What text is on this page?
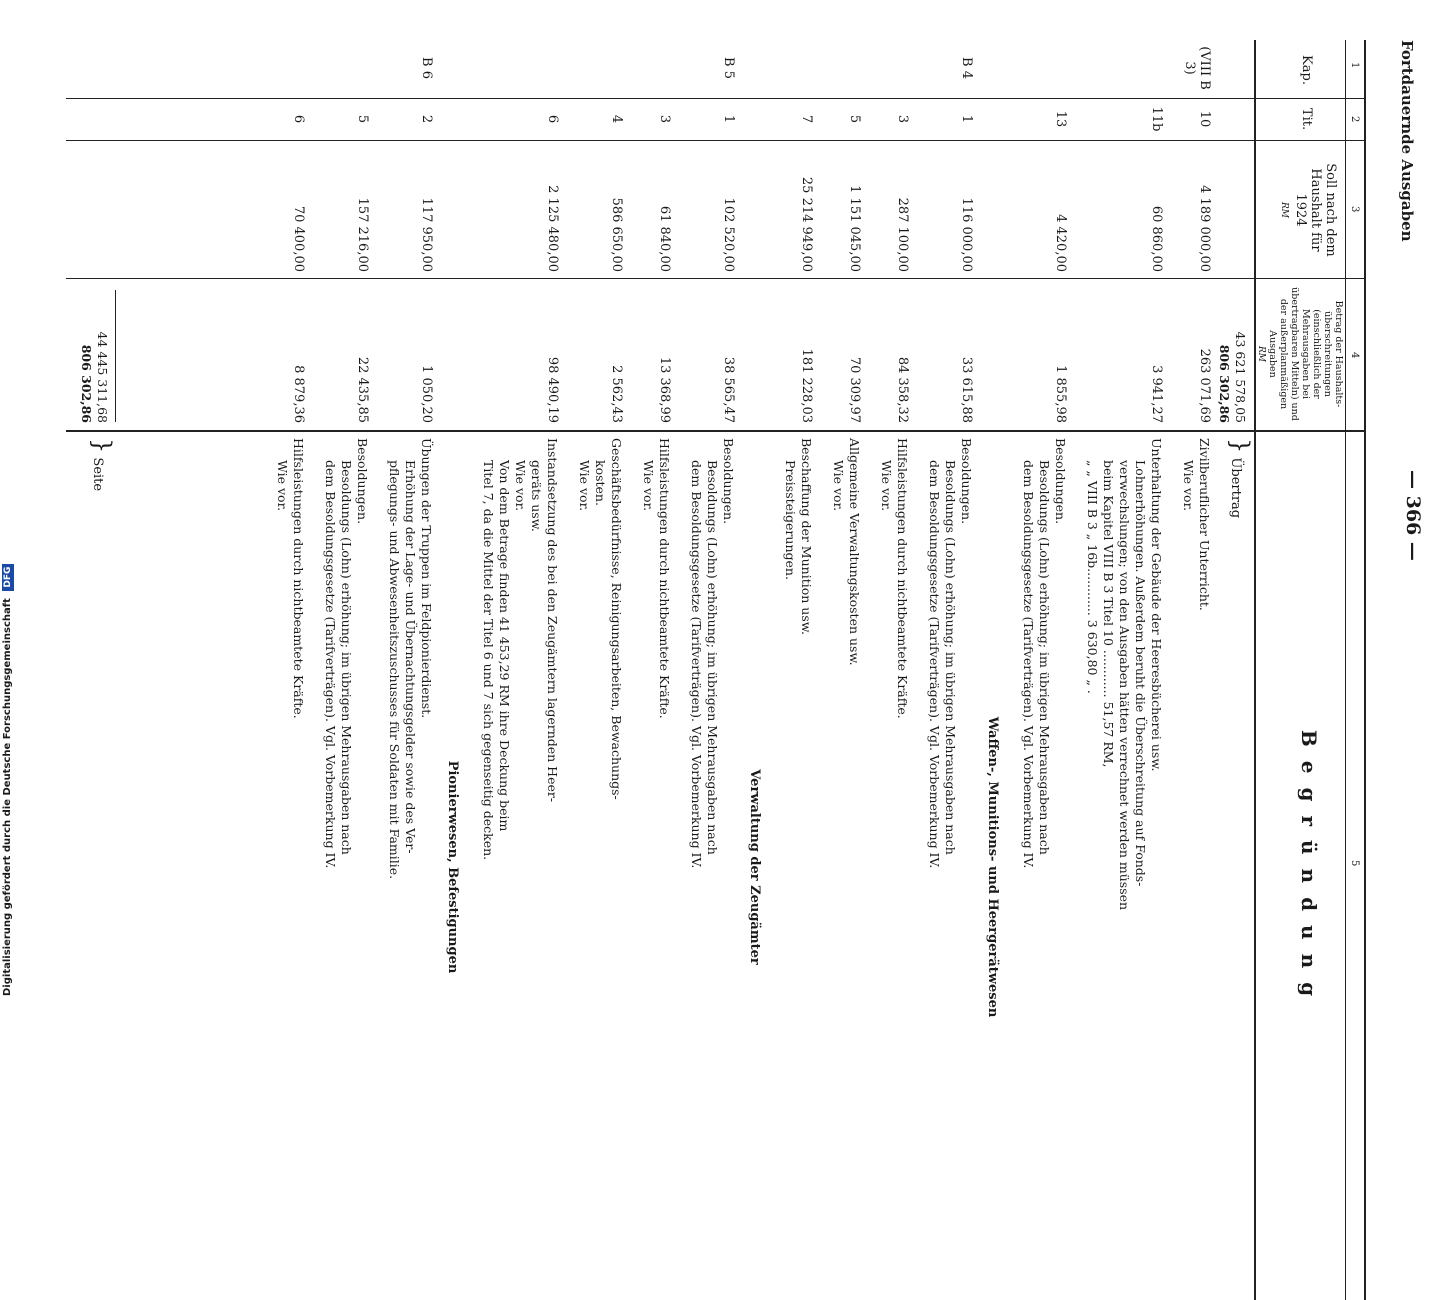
Fortdauernde Ausgaben
— 366 —
1
2
3
4
5
Kap.
Tit.
Soll nach dem Haushalt für 1924
RM
Betrag der Haushalts-überschreitungen (einschließlich der Mehrausgaben bei übertragbaren Mitteln) und der außerplanmäßigen Ausgaben
RM
Begründung
43 621 578,05
806 302,86
} Übertrag
44 445 311,68
806 302,86
} Seite
(VIII B 3)
10
4 189 000,00
263 071,69
Zivilberuflicher Unterricht.
Wie vor.
11b
60 860,00
3 941,27
Unterhaltung der Gebäude der Heeresbücherei usw.
Lohnerhöhungen. Außerdem beruht die Überschreitung auf Fonds-
verwechslungen; von den Ausgaben hätten verrechnet werden müssen
beim Kapitel VIII B 3 Titel 10 ............ 51,57 RM,
„ „ VIII B 3 „ 16b............ 3 630,80 „ .
13
4 420,00
1 855,98
Besoldungen.
Besoldungs (Lohn) erhöhung; im übrigen Mehrausgaben nach
dem Besoldungsgesetze (Tarifverträgen). Vgl. Vorbemerkung IV.
Waffen-, Munitions- und Heergerätwesen
B 4
1
116 000,00
33 615,88
Besoldungen.
Besoldungs (Lohn) erhöhung; im übrigen Mehrausgaben nach
dem Besoldungsgesetze (Tarifverträgen). Vgl. Vorbemerkung IV.
3
287 100,00
84 358,32
Hilfsleistungen durch nichtbeamtete Kräfte.
Wie vor.
5
1 151 045,00
70 309,97
Allgemeine Verwaltungskosten usw.
Wie vor.
7
25 214 949,00
181 228,03
Beschaffung der Munition usw.
Preissteigerungen.
Verwaltung der Zeugämter
B 5
1
102 520,00
38 565,47
Besoldungen.
Besoldungs (Lohn) erhöhung; im übrigen Mehrausgaben nach
dem Besoldungsgesetze (Tarifverträgen). Vgl. Vorbemerkung IV.
3
61 840,00
13 368,99
Hilfsleistungen durch nichtbeamtete Kräfte.
Wie vor.
4
586 650,00
2 562,43
Geschäftsbedürfnisse, Reinigungsarbeiten, Bewachungs-
kosten.
Wie vor.
6
2 125 480,00
98 490,19
Instandsetzung des bei den Zeugämtern lagernden Heer-
geräts usw.
Wie vor.
Von dem Betrage finden 41 453,29 RM ihre Deckung beim
Titel 7, da die Mittel der Titel 6 und 7 sich gegenseitig decken.
Pionierwesen, Befestigungen
B 6
2
117 950,00
1 050,20
Übungen der Truppen im Feldpionierdienst.
Erhöhung der Lage- und Übernachtungsgelder sowie des Ver-
pflegungs- und Abwesenheitszuschusses für Soldaten mit Familie.
5
157 216,00
22 435,85
Besoldungen.
Besoldungs (Lohn) erhöhung; im übrigen Mehrausgaben nach
dem Besoldungsgesetze (Tarifverträgen). Vgl. Vorbemerkung IV.
6
70 400,00
8 879,36
Hilfsleistungen durch nichtbeamtete Kräfte.
Wie vor.
Digitalisierung gefördert durch die Deutsche Forschungsgemeinschaft DFG
